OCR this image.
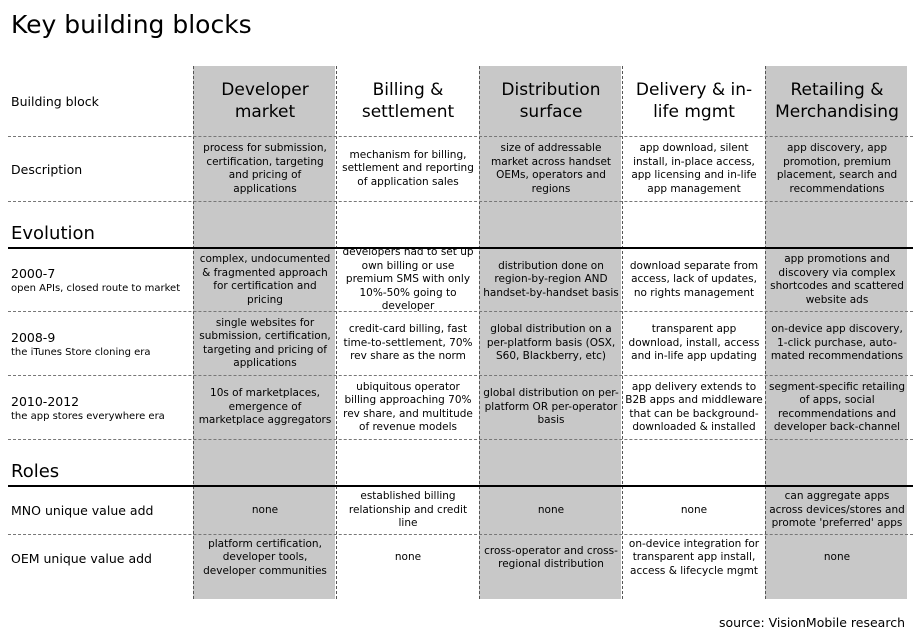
Key building blocks
Building block
Developer market
Billing & settlement
Distribution surface
Delivery & in-life mgmt
Retailing & Merchandising
Description
process for submission, certification, targeting and pricing of applications
mechanism for billing, settlement and reporting of application sales
size of addressable market across handset OEMs, operators and regions
app download, silent install, in-place access, app licensing and in-life app management
app discovery, app promotion, premium placement, search and recommendations
Evolution
2000-7
open APIs, closed route to market
complex, undocumented & fragmented approach for certification and pricing
developers had to set up own billing or use premium SMS with only 10%-50% going to developer
distribution done on region-by-region AND handset-by-handset basis
download separate from access, lack of updates, no rights management
app promotions and discovery via complex shortcodes and scattered website ads
2008-9
the iTunes Store cloning era
single websites for submission, certification, targeting and pricing of applications
credit-card billing, fast time-to-settlement, 70% rev share as the norm
global distribution on a per-platform basis (OSX, S60, Blackberry, etc)
transparent app download, install, access and in-life app updating
on-device app discovery, 1-click purchase, auto-mated recommendations
2010-2012
the app stores everywhere era
10s of marketplaces, emergence of marketplace aggregators
ubiquitous operator billing approaching 70% rev share, and multitude of revenue models
global distribution on per-platform OR per-operator basis
app delivery extends to B2B apps and middleware that can be background-downloaded & installed
segment-specific retailing of apps, social recommendations and developer back-channel
Roles
MNO unique value add	none
established billing relationship and credit line
none	none
can aggregate apps across devices/stores and promote 'preferred' apps
OEM unique value add
platform certification, developer tools, developer communities
none
cross-operator and cross-regional distribution
on-device integration for transparent app install, access & lifecycle mgmt
none
source: VisionMobile research
